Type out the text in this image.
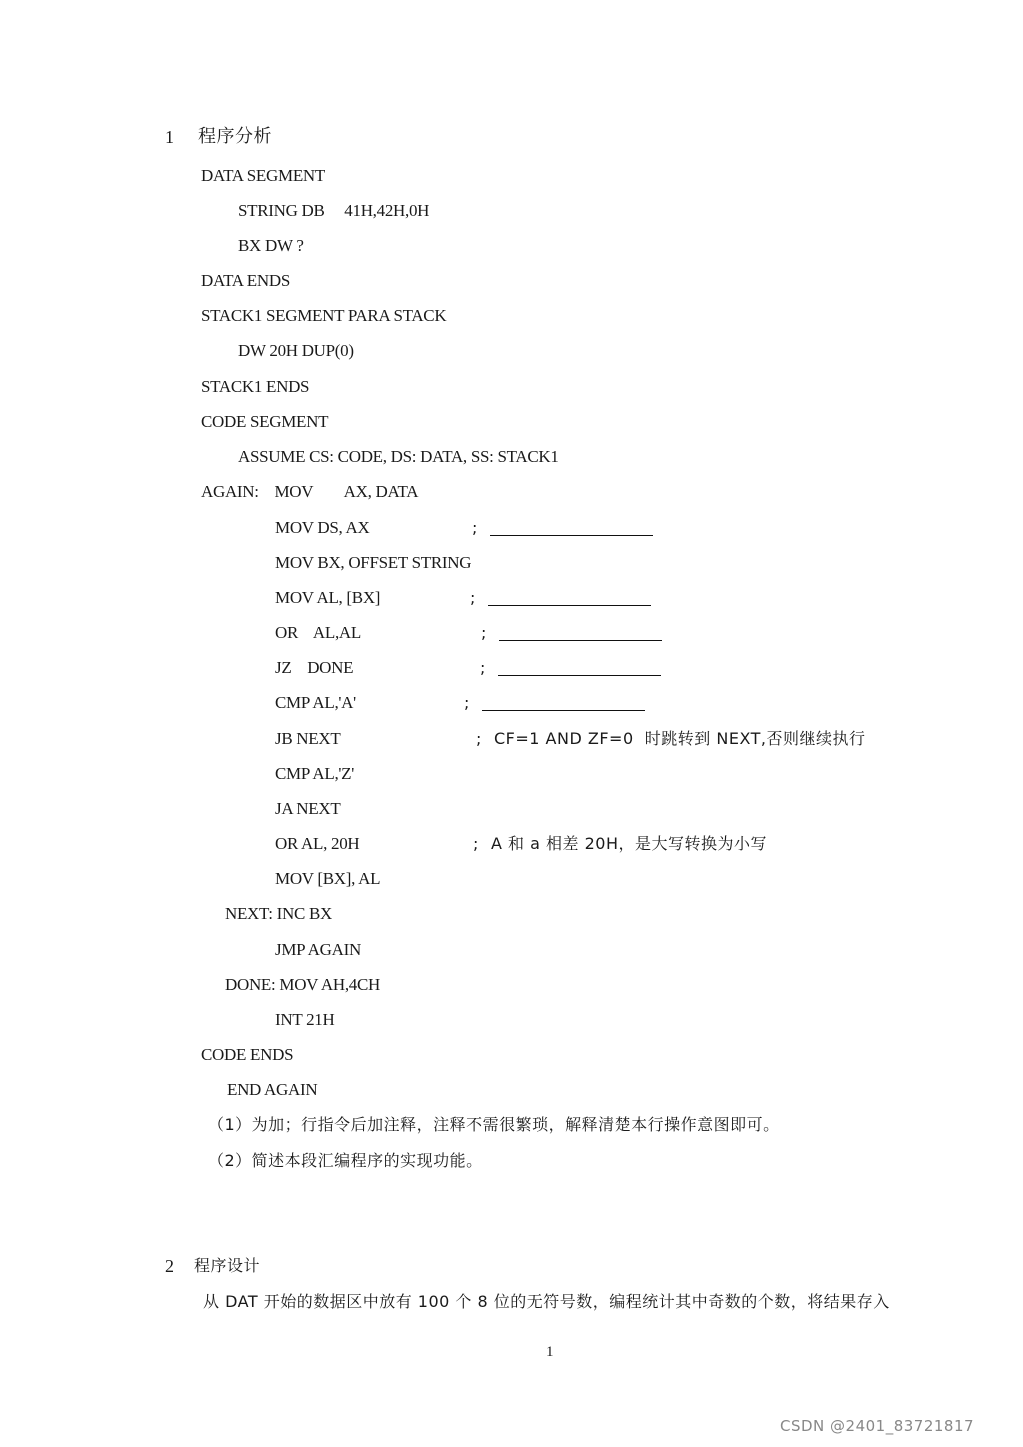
1 程序分析
DATA SEGMENT
STRING DB     41H,42H,0H
BX DW ?
DATA ENDS
STACK1 SEGMENT PARA STACK
DW 20H DUP(0)
STACK1 ENDS
CODE SEGMENT
ASSUME CS: CODE, DS: DATA, SS: STACK1
AGAIN:    MOV        AX, DATA
MOV DS, AX	;
MOV BX, OFFSET STRING
MOV AL, [BX]	;
OR    AL,AL	;
JZ    DONE	;
CMP AL,'A'	;
JB NEXT	; CF=1 AND ZF=0  时跳转到 NEXT,否则继续执行
CMP AL,'Z'
JA NEXT
OR AL, 20H	; A 和 a 相差 20H，是大写转换为小写
MOV [BX], AL
NEXT: INC BX
JMP AGAIN
DONE: MOV AH,4CH
INT 21H
CODE ENDS
END AGAIN
（1）为加；行指令后加注释，注释不需很繁琐，解释清楚本行操作意图即可。
（2）简述本段汇编程序的实现功能。
2 程序设计
从 DAT 开始的数据区中放有 100 个 8 位的无符号数，编程统计其中奇数的个数，将结果存入
1
CSDN @2401_83721817
